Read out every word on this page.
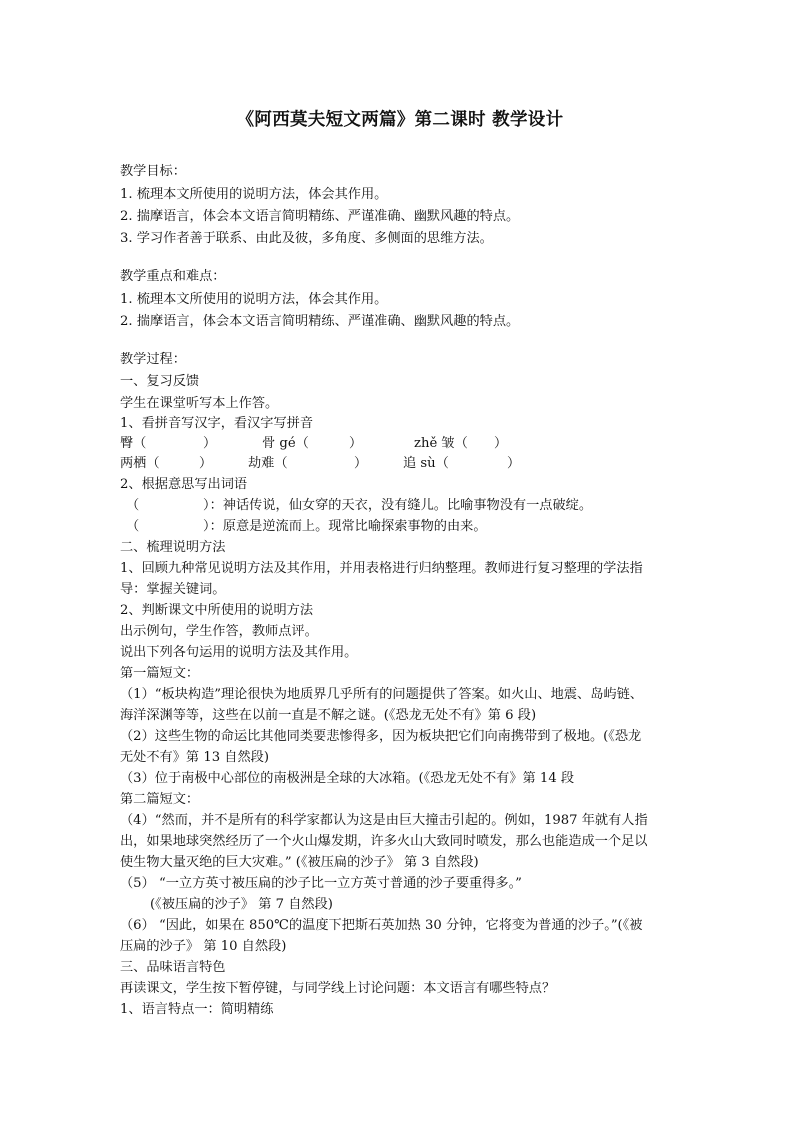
《阿西莫夫短文两篇》第二课时 教学设计
教学目标：
1. 梳理本文所使用的说明方法，体会其作用。
2. 揣摩语言，体会本文语言简明精练、严谨准确、幽默风趣的特点。
3. 学习作者善于联系、由此及彼，多角度、多侧面的思维方法。
教学重点和难点：
1. 梳理本文所使用的说明方法，体会其作用。
2. 揣摩语言，体会本文语言简明精练、严谨准确、幽默风趣的特点。
教学过程：
一、复习反馈
学生在课堂听写本上作答。
1、看拼音写汉字，看汉字写拼音
臀（	）	骨 gé（	）	zhě 皱（ ）
两栖（	）	劫难（	）	追 sù（	）
2、根据意思写出词语
（	）：神话传说，仙女穿的天衣，没有缝儿。比喻事物没有一点破绽。
（	）：原意是逆流而上。现常比喻探索事物的由来。
二、梳理说明方法
1、回顾九种常见说明方法及其作用，并用表格进行归纳整理。教师进行复习整理的学法指
导：掌握关键词。
2、判断课文中所使用的说明方法
出示例句，学生作答，教师点评。
说出下列各句运用的说明方法及其作用。
第一篇短文：
（1）“板块构造”理论很快为地质界几乎所有的问题提供了答案。如火山、地震、岛屿链、
海洋深渊等等，这些在以前一直是不解之谜。(《恐龙无处不有》第 6 段)
（2）这些生物的命运比其他同类要悲惨得多，因为板块把它们向南携带到了极地。(《恐龙
无处不有》第 13 自然段)
（3）位于南极中心部位的南极洲是全球的大冰箱。(《恐龙无处不有》第 14 段
第二篇短文：
（4）“然而，并不是所有的科学家都认为这是由巨大撞击引起的。例如，1987 年就有人指
出，如果地球突然经历了一个火山爆发期，许多火山大致同时喷发，那么也能造成一个足以
使生物大量灭绝的巨大灾难。” (《被压扁的沙子》 第 3 自然段)
（5） “一立方英寸被压扁的沙子比一立方英寸普通的沙子要重得多。”
(《被压扁的沙子》 第 7 自然段)
（6） “因此，如果在 850℃的温度下把斯石英加热 30 分钟，它将变为普通的沙子。”(《被
压扁的沙子》 第 10 自然段)
三、品味语言特色
再读课文，学生按下暂停键，与同学线上讨论问题：本文语言有哪些特点？
1、语言特点一：简明精练
